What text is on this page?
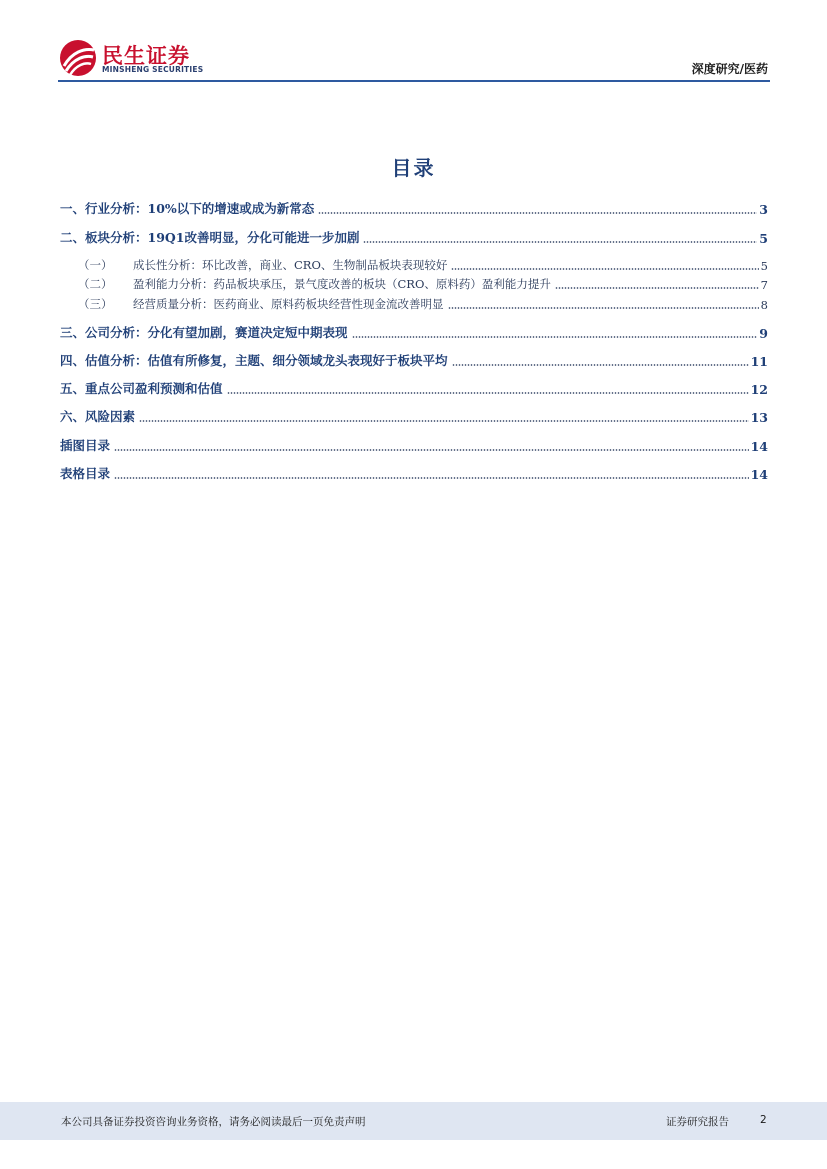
民生证券
MINSHENG SECURITIES	深度研究/医药
目录
一、行业分析：10%以下的增速或成为新常态	3
二、板块分析：19Q1改善明显，分化可能进一步加剧	5
（一）	成长性分析：环比改善，商业、CRO、生物制品板块表现较好	5
（二）	盈利能力分析：药品板块承压，景气度改善的板块（CRO、原料药）盈利能力提升	7
（三）	经营质量分析：医药商业、原料药板块经营性现金流改善明显	8
三、公司分析：分化有望加剧，赛道决定短中期表现	9
四、估值分析：估值有所修复，主题、细分领域龙头表现好于板块平均	11
五、重点公司盈利预测和估值	12
六、风险因素	13
插图目录	14
表格目录	14
本公司具备证券投资咨询业务资格，请务必阅读最后一页免责声明	证券研究报告	2
